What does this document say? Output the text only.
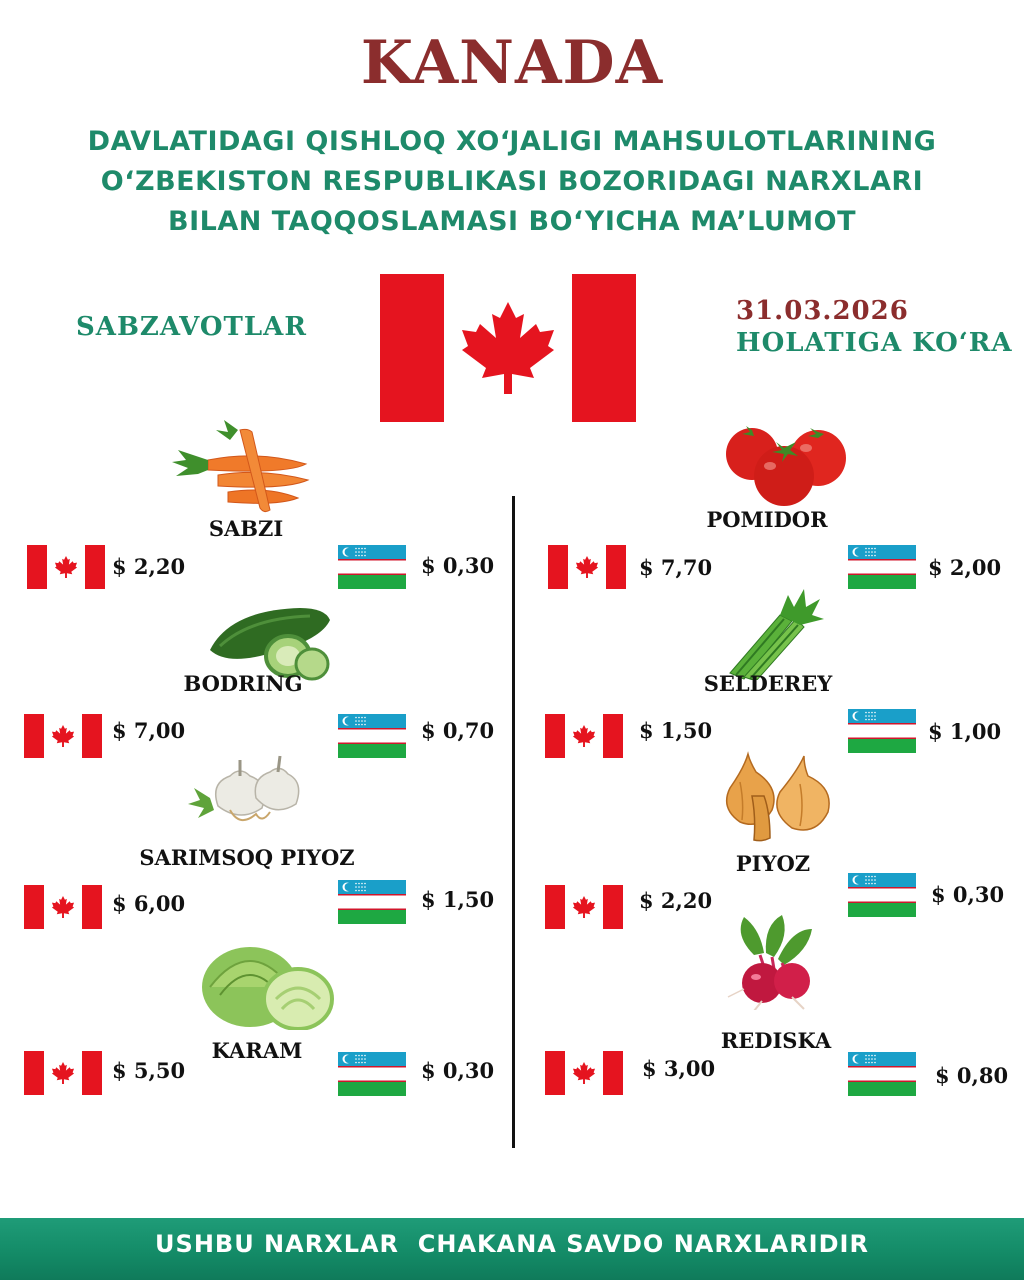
KANADA
DAVLATIDAGI QISHLOQ XO‘JALIGI MAHSULOTLARINING
O‘ZBEKISTON RESPUBLIKASI BOZORIDAGI NARXLARI
BILAN TAQQOSLAMASI BO‘YICHA MA’LUMOT
SABZAVOTLAR
31.03.2026
HOLATIGA KO‘RA
SABZI
$ 2,20	$ 0,30
BODRING
$ 7,00	$ 0,70
SARIMSOQ PIYOZ
$ 6,00	$ 1,50
KARAM
$ 5,50	$ 0,30
POMIDOR
$ 7,70	$ 2,00
SELDEREY
$ 1,50	$ 1,00
PIYOZ
$ 2,20	$ 0,30
REDISKA
$ 3,00	$ 0,80
USHBU NARXLAR  CHAKANA SAVDO NARXLARIDIR
